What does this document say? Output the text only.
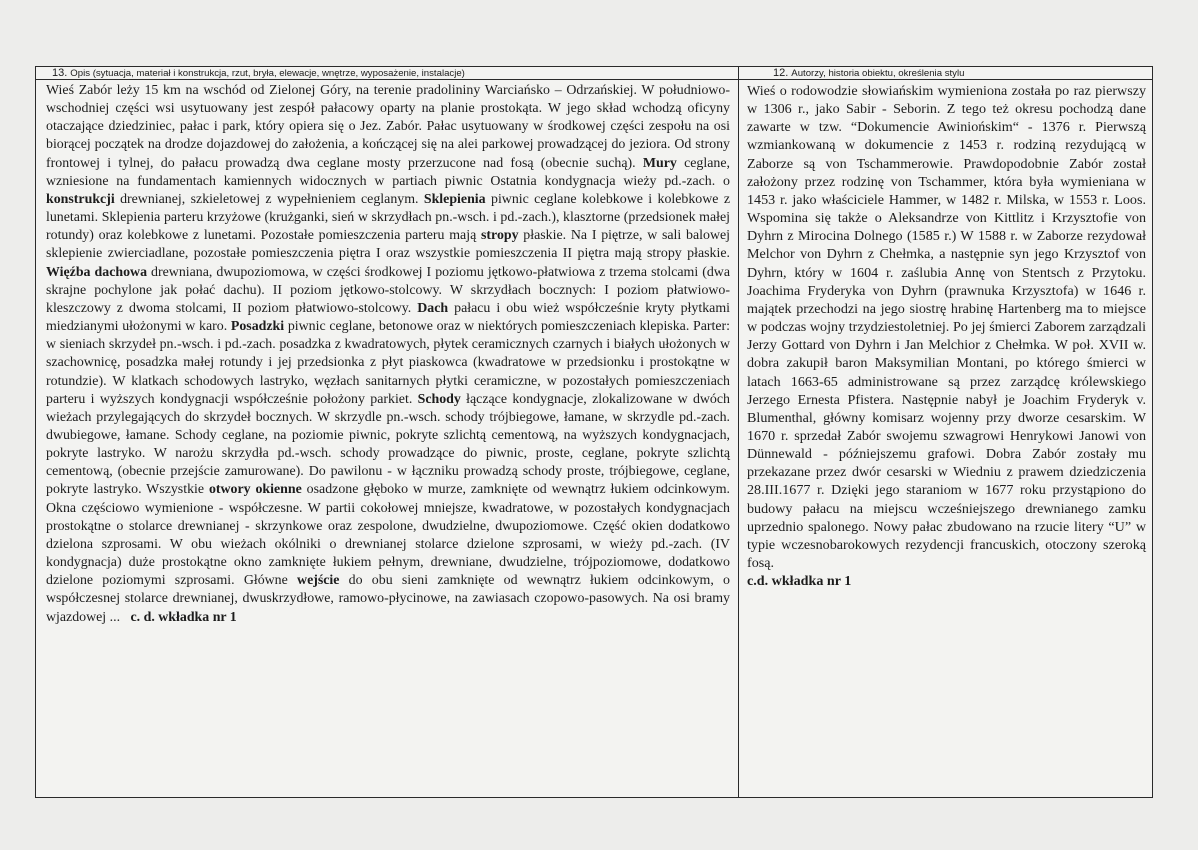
13. Opis (sytuacja, materiał i konstrukcja, rzut, bryła, elewacje, wnętrze, wyposażenie, instalacje)
Wieś Zabór leży 15 km na wschód od Zielonej Góry, na terenie pradolininy Warciańsko – Odrzańskiej. W południowo-wschodniej części wsi usytuowany jest zespół pałacowy oparty na planie prostokąta. W jego skład wchodzą oficyny otaczające dziedziniec, pałac i park, który opiera się o Jez. Zabór. Pałac usytuowany w środkowej części zespołu na osi biorącej początek na drodze dojazdowej do założenia, a kończącej się na alei parkowej prowadzącej do jeziora. Od strony frontowej i tylnej, do pałacu prowadzą dwa ceglane mosty przerzucone nad fosą (obecnie suchą). Mury ceglane, wzniesione na fundamentach kamiennych widocznych w partiach piwnic Ostatnia kondygnacja wieży pd.-zach. o konstrukcji drewnianej, szkieletowej z wypełnieniem ceglanym. Sklepienia piwnic ceglane kolebkowe i kolebkowe z lunetami. Sklepienia parteru krzyżowe (krużganki, sień w skrzydłach pn.-wsch. i pd.-zach.), klasztorne (przedsionek małej rotundy) oraz kolebkowe z lunetami. Pozostałe pomieszczenia parteru mają stropy płaskie. Na I piętrze, w sali balowej sklepienie zwierciadlane, pozostałe pomieszczenia piętra I oraz wszystkie pomieszczenia II piętra mają stropy płaskie. Więźba dachowa drewniana, dwupoziomowa, w części środkowej I poziomu jętkowo-płatwiowa z trzema stolcami (dwa skrajne pochylone jak połać dachu). II poziom jętkowo-stolcowy. W skrzydłach bocznych: I poziom płatwiowo-kleszczowy z dwoma stolcami, II poziom płatwiowo-stolcowy. Dach pałacu i obu wież współcześnie kryty płytkami miedzianymi ułożonymi w karo. Posadzki piwnic ceglane, betonowe oraz w niektórych pomieszczeniach klepiska. Parter: w sieniach skrzydeł pn.-wsch. i pd.-zach. posadzka z kwadratowych, płytek ceramicznych czarnych i białych ułożonych w szachownicę, posadzka małej rotundy i jej przedsionka z płyt piaskowca (kwadratowe w przedsionku i prostokątne w rotundzie). W klatkach schodowych lastryko, węzłach sanitarnych płytki ceramiczne, w pozostałych pomieszczeniach parteru i wyższych kondygnacji współcześnie położony parkiet. Schody łączące kondygnacje, zlokalizowane w dwóch wieżach przylegających do skrzydeł bocznych. W skrzydle pn.-wsch. schody trójbiegowe, łamane, w skrzydle pd.-zach. dwubiegowe, łamane. Schody ceglane, na poziomie piwnic, pokryte szlichtą cementową, na wyższych kondygnacjach, pokryte lastryko. W narożu skrzydła pd.-wsch. schody prowadzące do piwnic, proste, ceglane, pokryte szlichtą cementową, (obecnie przejście zamurowane). Do pawilonu - w łączniku prowadzą schody proste, trójbiegowe, ceglane, pokryte lastryko. Wszystkie otwory okienne osadzone głęboko w murze, zamknięte od wewnątrz łukiem odcinkowym. Okna częściowo wymienione - współczesne. W partii cokołowej mniejsze, kwadratowe, w pozostałych kondygnacjach prostokątne o stolarce drewnianej - skrzynkowe oraz zespolone, dwudzielne, dwupoziomowe. Część okien dodatkowo dzielona szprosami. W obu wieżach okólniki o drewnianej stolarce dzielone szprosami, w wieży pd.-zach. (IV kondygnacja) duże prostokątne okno zamknięte łukiem pełnym, drewniane, dwudzielne, trójpoziomowe, dodatkowo dzielone poziomymi szprosami. Główne wejście do obu sieni zamknięte od wewnątrz łukiem odcinkowym, o współczesnej stolarce drewnianej, dwuskrzydłowe, ramowo-płycinowe, na zawiasach czopowo-pasowych. Na osi bramy wjazdowej ... c. d. wkładka nr 1
12. Autorzy, historia obiektu, określenia stylu
Wieś o rodowodzie słowiańskim wymieniona została po raz pierwszy w 1306 r., jako Sabir - Seborin. Z tego też okresu pochodzą dane zawarte w tzw. “Dokumencie Awiniońskim“ - 1376 r. Pierwszą wzmiankowaną w dokumencie z 1453 r. rodziną rezydującą w Zaborze są von Tschammerowie. Prawdopodobnie Zabór został założony przez rodzinę von Tschammer, która była wymieniana w 1453 r. jako właściciele Hammer, w 1482 r. Milska, w 1553 r. Loos. Wspomina się także o Aleksandrze von Kittlitz i Krzysztofie von Dyhrn z Mirocina Dolnego (1585 r.) W 1588 r. w Zaborze rezydował Melchor von Dyhrn z Chełmka, a następnie syn jego Krzysztof von Dyhrn, który w 1604 r. zaślubia Annę von Stentsch z Przytoku. Joachima Fryderyka von Dyhrn (prawnuka Krzysztofa) w 1646 r. majątek przechodzi na jego siostrę hrabinę Hartenberg ma to miejsce w podczas wojny trzydziestoletniej. Po jej śmierci Zaborem zarządzali Jerzy Gottard von Dyhrn i Jan Melchior z Chełmka. W poł. XVII w. dobra zakupił baron Maksymilian Montani, po którego śmierci w latach 1663-65 administrowane są przez zarządcę królewskiego Jerzego Ernesta Pfistera. Następnie nabył je Joachim Fryderyk v. Blumenthal, główny komisarz wojenny przy dworze cesarskim. W 1670 r. sprzedał Zabór swojemu szwagrowi Henrykowi Janowi von Dünnewald - późniejszemu grafowi. Dobra Zabór zostały mu przekazane przez dwór cesarski w Wiedniu z prawem dziedziczenia 28.III.1677 r. Dzięki jego staraniom w 1677 roku przystąpiono do budowy pałacu na miejscu wcześniejszego drewnianego zamku uprzednio spalonego. Nowy pałac zbudowano na rzucie litery “U” w typie wczesnobarokowych rezydencji francuskich, otoczony szeroką fosą.
c.d. wkładka nr 1
